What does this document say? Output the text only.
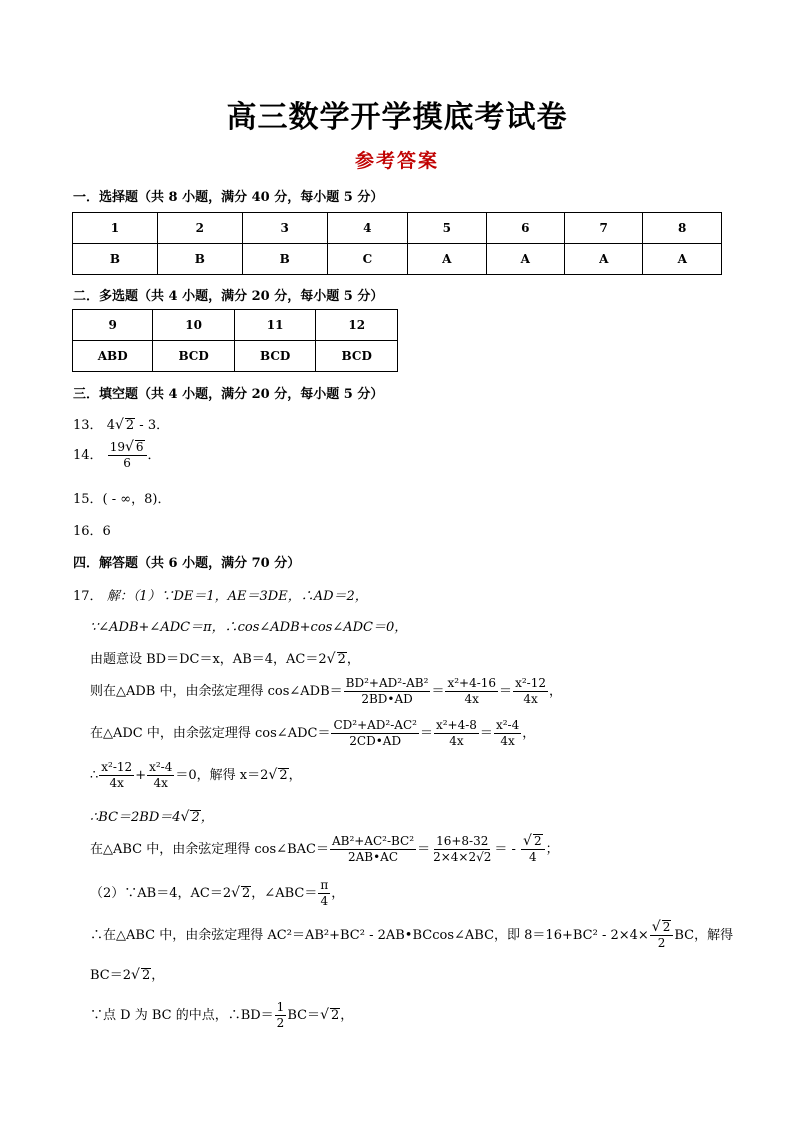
高三数学开学摸底考试卷
参考答案
一．选择题（共 8 小题，满分 40 分，每小题 5 分）
1	2	3	4	5	6	7	8
B	B	B	C	A	A	A	A
二．多选题（共 4 小题，满分 20 分，每小题 5 分）
9	10	11	12
ABD	BCD	BCD	BCD
三．填空题（共 4 小题，满分 20 分，每小题 5 分）
13． 4√ 2 - 3．
14． $\frac{19√ 6}{6}$ ．
15．( - ∞，8)．
16．6
四．解答题（共 6 小题，满分 70 分）
17． 解：（1）∵DE＝1，AE＝3DE，∴AD＝2，
∵∠ADB+∠ADC＝π，∴cos∠ADB+cos∠ADC＝0，
由题意设 BD＝DC＝x，AB＝4，AC＝2√ 2，
则在△ADB 中，由余弦定理得 cos∠ADB＝ $\frac{\text{BD²+AD²-AB²}}{2BD•AD} = \frac{\text{x²+4-16}}{4x} = \frac{\text{x²-12}}{4x}$ ，
在△ADC 中，由余弦定理得 cos∠ADC＝ $\frac{\text{CD²+AD²-AC²}}{2CD•AD} = \frac{\text{x²+4-8}}{4x} = \frac{\text{x²-4}}{4x}$ ，
∴ $\frac{\text{x²-12}}{4x} + \frac{\text{x²-4}}{4x} =0$，解得 x＝2√ 2，
∴BC＝2BD＝4√ 2，
在△ABC 中，由余弦定理得 cos∠BAC＝ $\frac{\text{AB²+AC²-BC²}}{2AB•AC} = \frac{16+8-32}{2\times 4\times 2√2}$ ＝ - $\frac{√ 2}{4}$ ；
（2）∵AB＝4，AC＝2√ 2，∠ABC＝ $\frac{\pi}{4}$ ，
∴在△ABC 中，由余弦定理得 AC²＝AB²+BC² - 2AB•BCcos∠ABC，即 $8=16+BC^2 - 2\times 4\times \frac{√ 2}{2}$ BC，解得
BC＝2√ 2，
∵点 D 为 BC 的中点，∴BD＝ $\frac{1}{2} BC=√$ 2，
